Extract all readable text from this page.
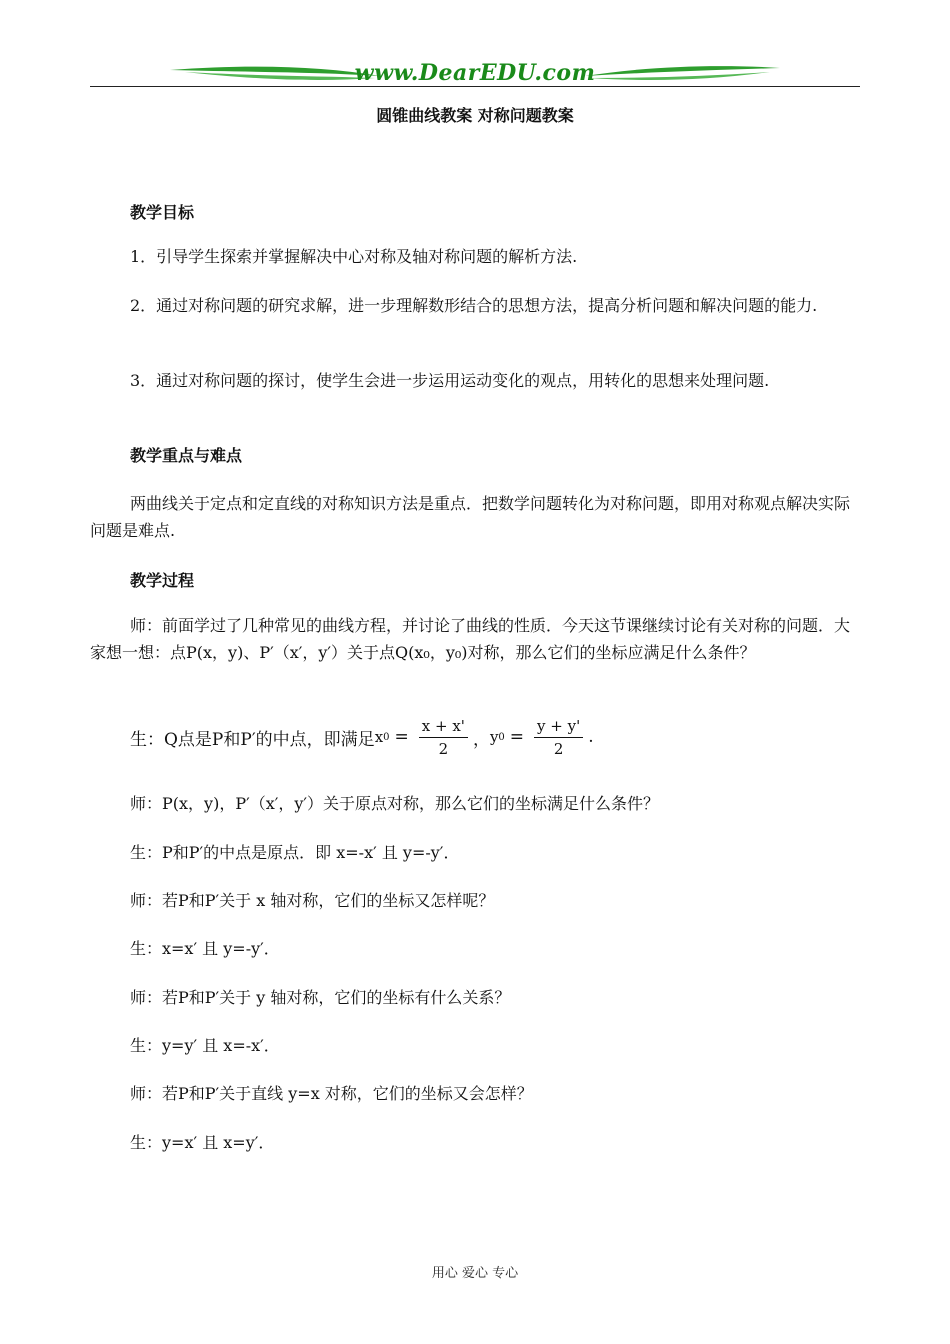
www.DearEDU.com
圆锥曲线教案 对称问题教案
教学目标
1．引导学生探索并掌握解决中心对称及轴对称问题的解析方法.
2．通过对称问题的研究求解，进一步理解数形结合的思想方法，提高分析问题和解决问题的能力.
3．通过对称问题的探讨，使学生会进一步运用运动变化的观点，用转化的思想来处理问题.
教学重点与难点
两曲线关于定点和定直线的对称知识方法是重点．把数学问题转化为对称问题，即用对称观点解决实际问题是难点.
教学过程
师：前面学过了几种常见的曲线方程，并讨论了曲线的性质．今天这节课继续讨论有关对称的问题．大家想一想：点P(x，y)、P′（x′，y′）关于点Q(x₀，y₀)对称，那么它们的坐标应满足什么条件？
生：Q点是P和P′的中点，即满足 x $0 = \frac{x + x'}{2}$ ， y $0 = \frac{y + y'}{2}$ .
师：P(x，y)，P′（x′，y′）关于原点对称，那么它们的坐标满足什么条件？
生：P和P′的中点是原点．即 x=-x′ 且 y=-y′．
师：若P和P′关于 x 轴对称，它们的坐标又怎样呢？
生：x=x′ 且 y=-y′．
师：若P和P′关于 y 轴对称，它们的坐标有什么关系？
生：y=y′ 且 x=-x′．
师：若P和P′关于直线 y=x 对称，它们的坐标又会怎样？
生：y=x′ 且 x=y′．
用心 爱心 专心
